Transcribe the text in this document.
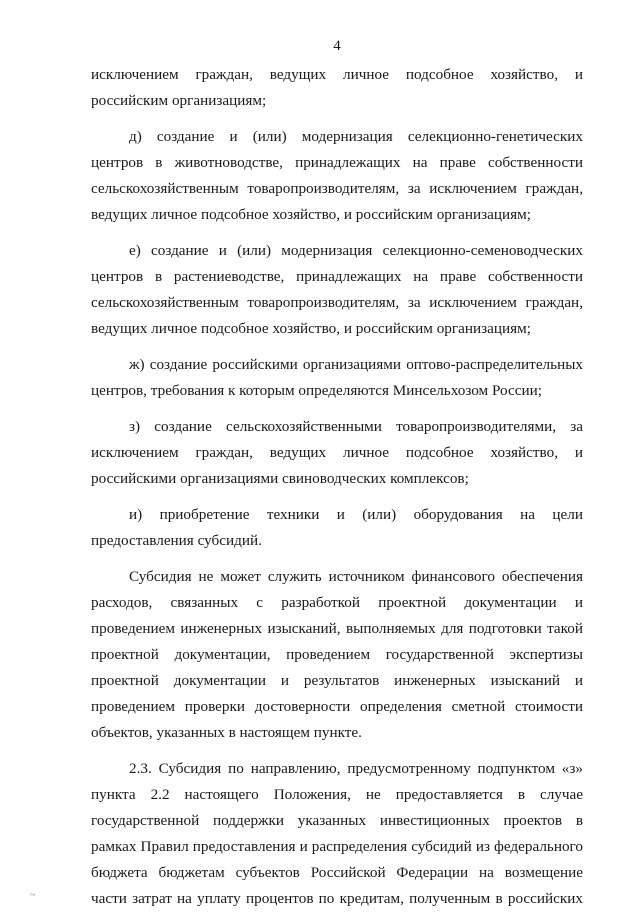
4

исключением граждан, ведущих личное подсобное хозяйство, и
российским организациям;

д) создание и (или) модернизация селекционно-генетических
центров в животноводстве, принадлежащих на праве собственности
сельскохозяйственным товаропроизводителям, за исключением граждан,
ведущих личное подсобное хозяйство, и российским организациям;

е) создание и (или) модернизация селекционно-семеноводческих
центров в растениеводстве, принадлежащих на праве собственности
сельскохозяйственным товаропроизводителям, за исключением граждан,
ведущих личное подсобное хозяйство, и российским организациям;

ж) создание российскими организациями оптово-распределительных
центров, требования к которым определяются Минсельхозом России;

з) создание сельскохозяйственными товаропроизводителями, за
исключением граждан, ведущих личное подсобное хозяйство, и
российскими организациями свиноводческих комплексов;

и) приобретение техники и (или) оборудования на цели
предоставления субсидий.

Субсидия не может служить источником финансового обеспечения
расходов, связанных с разработкой проектной документации и
проведением инженерных изысканий, выполняемых для подготовки такой
проектной документации, проведением государственной экспертизы
проектной документации и результатов инженерных изысканий и
проведением проверки достоверности определения сметной стоимости
объектов, указанных в настоящем пункте.

2.3. Субсидия по направлению, предусмотренному подпунктом «з»
пункта 2.2 настоящего Положения, не предоставляется в случае
государственной поддержки указанных инвестиционных проектов в
рамках Правил предоставления и распределения субсидий из федерального
бюджета бюджетам субъектов Российской Федерации на возмещение
части затрат на уплату процентов по кредитам, полученным в российских

~
